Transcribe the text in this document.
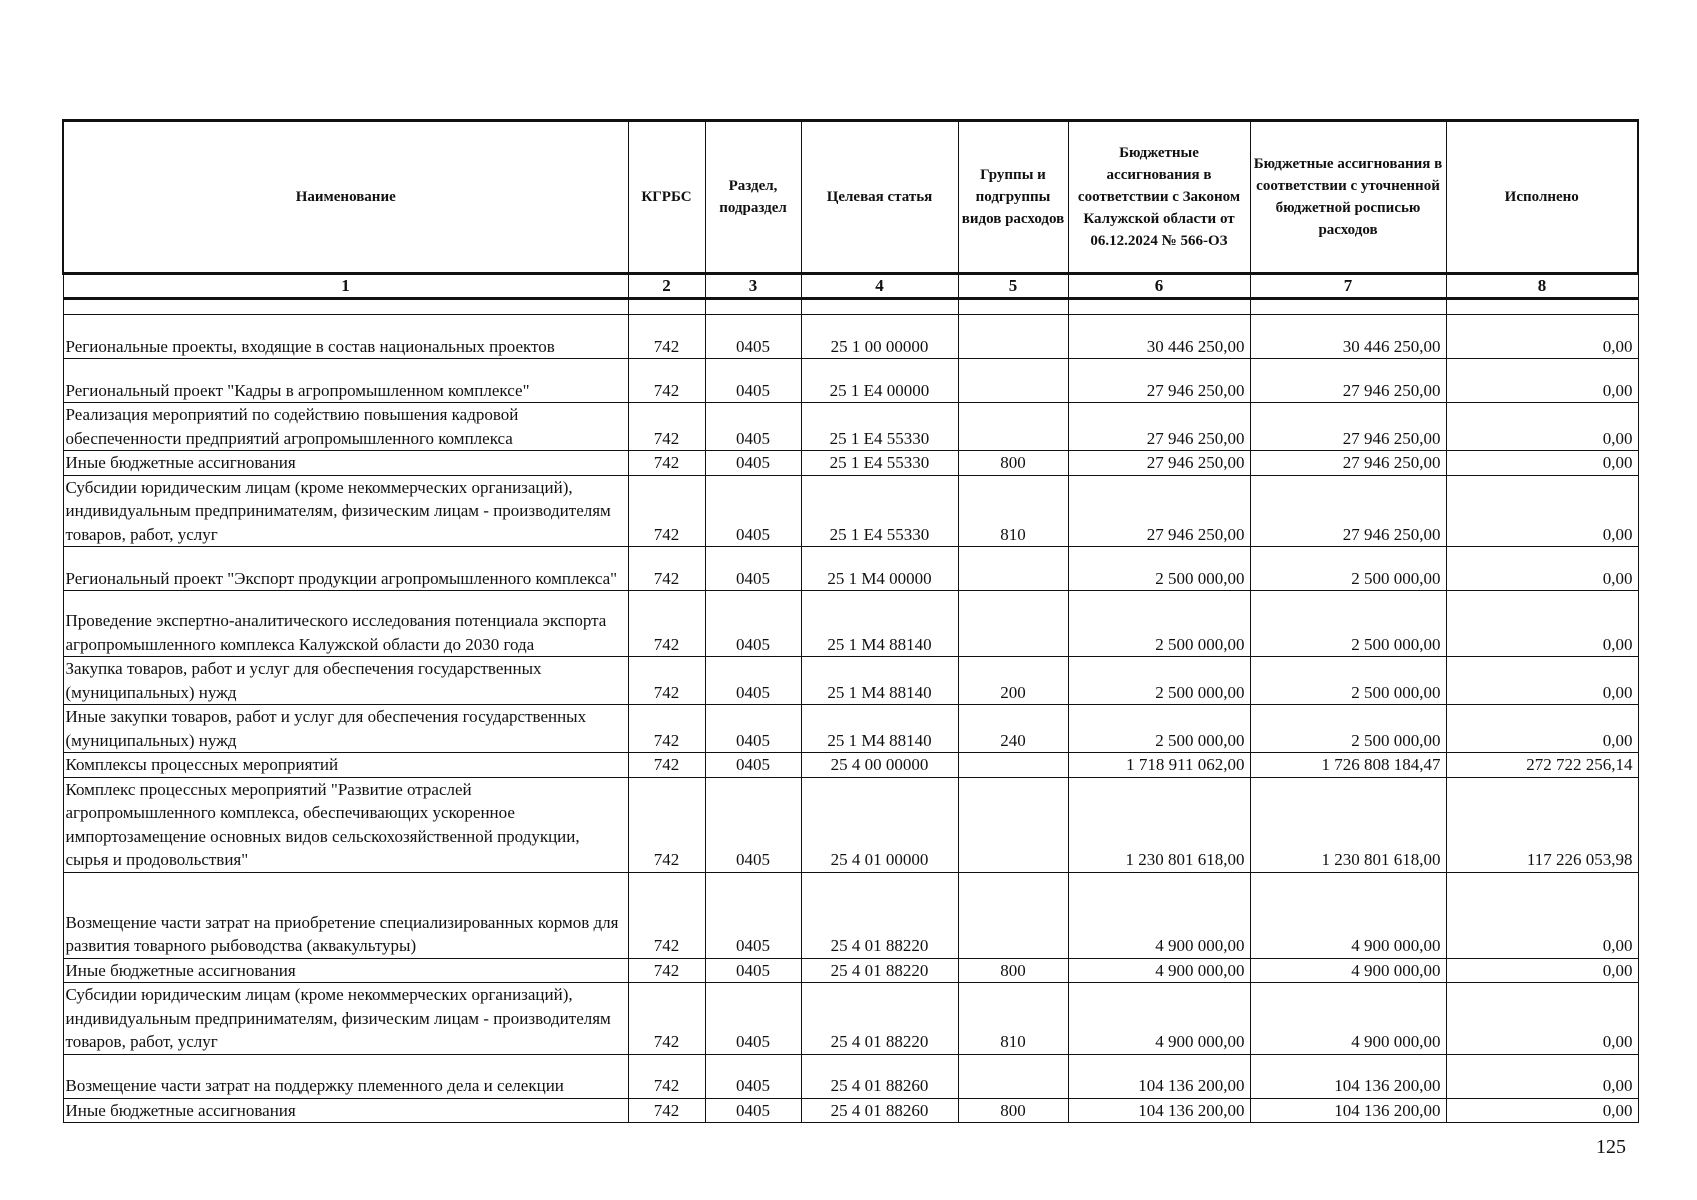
Наименование	КГРБС	Раздел, подраздел	Целевая статья	Группы и подгруппы видов расходов	Бюджетные ассигнования в соответствии с Законом Калужской области от 06.12.2024 № 566-ОЗ	Бюджетные ассигнования в соответствии с уточненной бюджетной росписью расходов	Исполнено
1	2	3	4	5	6	7	8

Региональные проекты, входящие в состав национальных проектов	742	0405	25 1 00 00000		30 446 250,00	30 446 250,00	0,00
Региональный проект "Кадры в агропромышленном комплексе"	742	0405	25 1 Е4 00000		27 946 250,00	27 946 250,00	0,00
Реализация мероприятий по содействию повышения кадровой обеспеченности предприятий агропромышленного комплекса	742	0405	25 1 Е4 55330		27 946 250,00	27 946 250,00	0,00
Иные бюджетные ассигнования	742	0405	25 1 Е4 55330	800	27 946 250,00	27 946 250,00	0,00
Субсидии юридическим лицам (кроме некоммерческих организаций), индивидуальным предпринимателям, физическим лицам - производителям товаров, работ, услуг	742	0405	25 1 Е4 55330	810	27 946 250,00	27 946 250,00	0,00
Региональный проект "Экспорт продукции агропромышленного комплекса"	742	0405	25 1 М4 00000		2 500 000,00	2 500 000,00	0,00
Проведение экспертно-аналитического исследования потенциала экспорта агропромышленного комплекса Калужской области до 2030 года	742	0405	25 1 М4 88140		2 500 000,00	2 500 000,00	0,00
Закупка товаров, работ и услуг для обеспечения государственных (муниципальных) нужд	742	0405	25 1 М4 88140	200	2 500 000,00	2 500 000,00	0,00
Иные закупки товаров, работ и услуг для обеспечения государственных (муниципальных) нужд	742	0405	25 1 М4 88140	240	2 500 000,00	2 500 000,00	0,00
Комплексы процессных мероприятий	742	0405	25 4 00 00000		1 718 911 062,00	1 726 808 184,47	272 722 256,14
Комплекс процессных мероприятий "Развитие отраслей агропромышленного комплекса, обеспечивающих ускоренное импортозамещение основных видов сельскохозяйственной продукции, сырья и продовольствия"	742	0405	25 4 01 00000		1 230 801 618,00	1 230 801 618,00	117 226 053,98
Возмещение части затрат на приобретение специализированных кормов для развития товарного рыбоводства (аквакультуры)	742	0405	25 4 01 88220		4 900 000,00	4 900 000,00	0,00
Иные бюджетные ассигнования	742	0405	25 4 01 88220	800	4 900 000,00	4 900 000,00	0,00
Субсидии юридическим лицам (кроме некоммерческих организаций), индивидуальным предпринимателям, физическим лицам - производителям товаров, работ, услуг	742	0405	25 4 01 88220	810	4 900 000,00	4 900 000,00	0,00
Возмещение части затрат на поддержку племенного дела и селекции	742	0405	25 4 01 88260		104 136 200,00	104 136 200,00	0,00
Иные бюджетные ассигнования	742	0405	25 4 01 88260	800	104 136 200,00	104 136 200,00	0,00
125
